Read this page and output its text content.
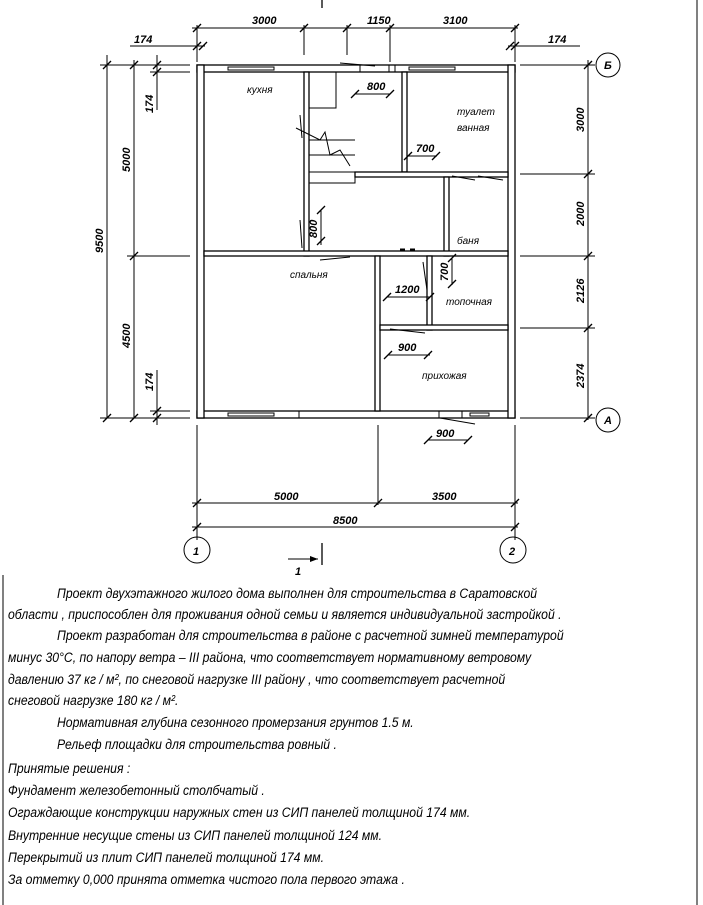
3000	1150	3100
174	174
9500
5000
4500
174
174
3000
2000
2126
2374
5000	3500
8500
800
700
800
700
1200
900
900
кухня
туалет
ванная
баня
спальня
топочная
прихожая
1	2
Б
А
1
Проект двухэтажного жилого дома выполнен для строительства в Саратовской
области , приспособлен для проживания одной семьи и является индивидуальной застройкой .
Проект разработан для строительства в районе с расчетной зимней температурой
минус 30°С, по напору ветра – III района, что соответствует нормативному ветровому
давлению 37 кг / м², по снеговой нагрузке III районy , что соответствует расчетной
снеговой нагрузке 180 кг / м².
Нормативная глубина сезонного промерзания грунтов 1.5 м.
Рельеф площадки для строительства ровный .
Принятые решения :
Фундамент железобетонный столбчатый .
Ограждающие конструкции наружных стен из СИП панелей толщиной 174 мм.
Внутренние несущие стены из СИП панелей толщиной 124 мм.
Перекрытий из плит СИП панелей толщиной 174 мм.
За отметку 0,000 принята отметка чистого пола первого этажа .
